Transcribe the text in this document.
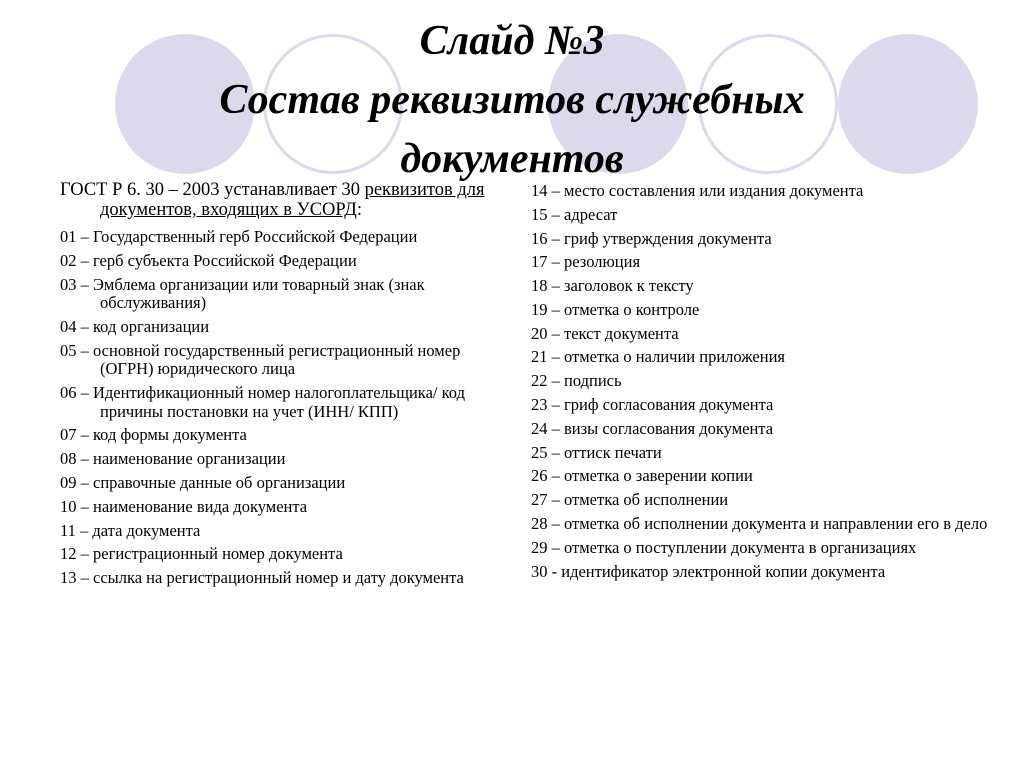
Слайд №3
Состав реквизитов служебных
документов
ГОСТ Р 6. 30 – 2003 устанавливает 30 реквизитов для документов, входящих в УСОРД:
01 – Государственный герб Российской Федерации
02 – герб субъекта Российской Федерации
03 – Эмблема организации или товарный знак (знак обслуживания)
04 – код организации
05 – основной государственный регистрационный номер (ОГРН) юридического лица
06 – Идентификационный номер налогоплательщика/ код причины постановки на учет (ИНН/ КПП)
07 – код формы документа
08 – наименование организации
09 – справочные данные об организации
10 – наименование вида документа
11 – дата документа
12 – регистрационный номер документа
13 – ссылка на регистрационный номер и дату документа
14 – место составления или издания документа
15 – адресат
16 – гриф утверждения документа
17 – резолюция
18 – заголовок к тексту
19 – отметка о контроле
20 – текст документа
21 – отметка о наличии приложения
22 – подпись
23 – гриф согласования документа
24 – визы согласования документа
25 – оттиск печати
26 – отметка о заверении копии
27 – отметка об исполнении
28 – отметка об исполнении документа и направлении его в дело
29 – отметка о поступлении документа в организациях
30 - идентификатор электронной копии документа
